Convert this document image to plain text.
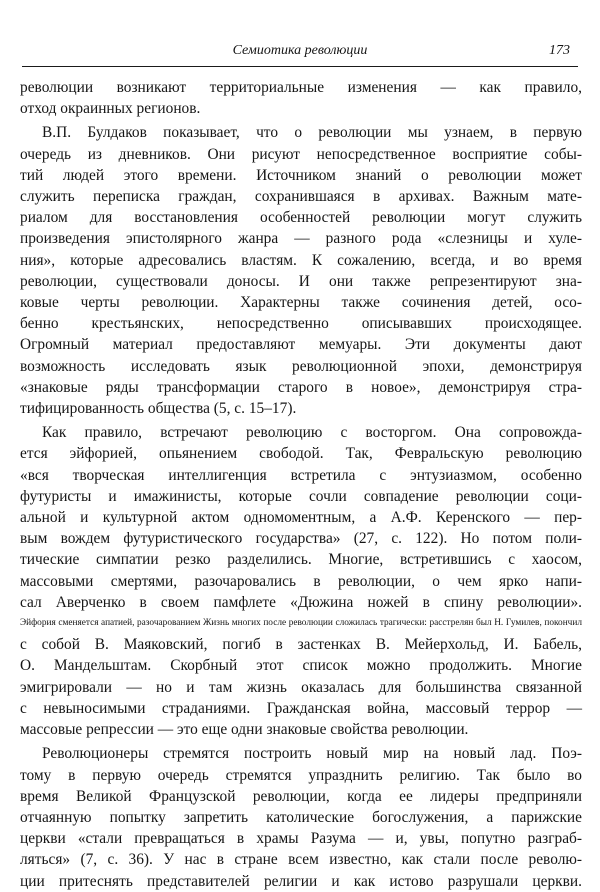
Семиотика революции	173

революции возникают территориальные изменения — как правило,
отход окраинных регионов.

В.П. Булдаков показывает, что о революции мы узнаем, в первую
очередь из дневников. Они рисуют непосредственное восприятие собы-
тий людей этого времени. Источником знаний о революции может
служить переписка граждан, сохранившаяся в архивах. Важным мате-
риалом для восстановления особенностей революции могут служить
произведения эпистолярного жанра — разного рода «слезницы и хуле-
ния», которые адресовались властям. К сожалению, всегда, и во время
революции, существовали доносы. И они также репрезентируют зна-
ковые черты революции. Характерны также сочинения детей, осо-
бенно крестьянских, непосредственно описывавших происходящее.
Огромный материал предоставляют мемуары. Эти документы дают
возможность исследовать язык революционной эпохи, демонстрируя
«знаковые ряды трансформации старого в новое», демонстрируя стра-
тифицированность общества (5, с. 15–17).

Как правило, встречают революцию с восторгом. Она сопровожда-
ется эйфорией, опьянением свободой. Так, Февральскую революцию
«вся творческая интеллигенция встретила с энтузиазмом, особенно
футуристы и имажинисты, которые сочли совпадение революции соци-
альной и культурной актом одномоментным, а А.Ф. Керенского — пер-
вым вождем футуристического государства» (27, с. 122). Но потом поли-
тические симпатии резко разделились. Многие, встретившись с хаосом,
массовыми смертями, разочаровались в революции, о чем ярко напи-
сал Аверченко в своем памфлете «Дюжина ножей в спину революции».
Эйфория сменяется апатией, разочарованием Жизнь многих после революции сложилась трагически: расстрелян был Н. Гумилев, покончил
с собой В. Маяковский, погиб в застенках В. Мейерхольд, И. Бабель,
О. Мандельштам. Скорбный этот список можно продолжить. Многие
эмигрировали — но и там жизнь оказалась для большинства связанной
с невыносимыми страданиями. Гражданская война, массовый террор —
массовые репрессии — это еще одни знаковые свойства революции.

Революционеры стремятся построить новый мир на новый лад. Поэ-
тому в первую очередь стремятся упразднить религию. Так было во
время Великой Французской революции, когда ее лидеры предприняли
отчаянную попытку запретить католические богослужения, а парижские
церкви «стали превращаться в храмы Разума — и, увы, попутно разграб-
ляться» (7, с. 36). У нас в стране всем известно, как стали после револю-
ции притеснять представителей религии и как истово разрушали церкви.
